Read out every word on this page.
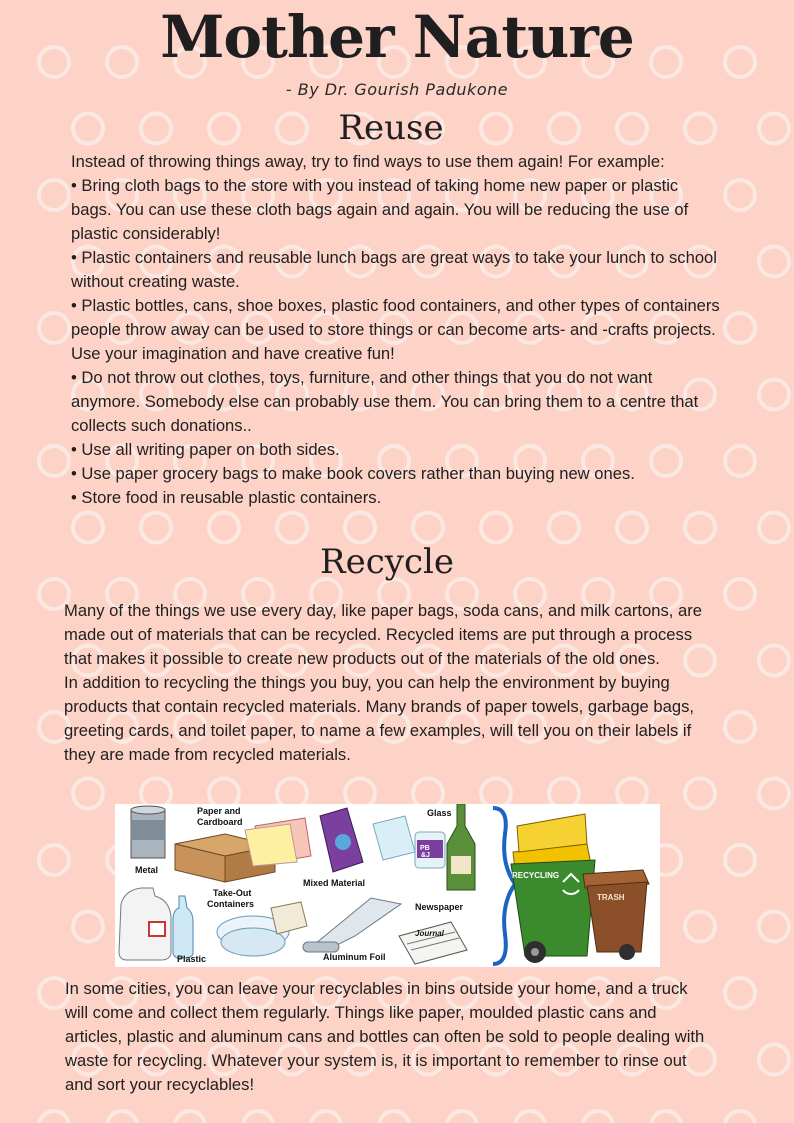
Mother Nature
- By Dr. Gourish Padukone
Reuse

Instead of throwing things away, try to find ways to use them again! For example:

• Bring cloth bags to the store with you instead of taking home new paper or plastic bags. You can use these cloth bags again and again. You will be reducing the use of plastic considerably!

• Plastic containers and reusable lunch bags are great ways to take your lunch to school without creating waste.

• Plastic bottles, cans, shoe boxes, plastic food containers, and other types of containers people throw away can be used to store things or can become arts- and -crafts projects. Use your imagination and have creative fun!

• Do not throw out clothes, toys, furniture, and other things that you do not want anymore. Somebody else can probably use them. You can bring them to a centre that collects such donations..

• Use all writing paper on both sides.

• Use paper grocery bags to make book covers rather than buying new ones.

• Store food in reusable plastic containers.

Recycle

Many of the things we use every day, like paper bags, soda cans, and milk cartons, are made out of materials that can be recycled. Recycled items are put through a process that makes it possible to create new products out of the materials of the old ones.

In addition to recycling the things you buy, you can help the environment by buying products that contain recycled materials. Many brands of paper towels, garbage bags, greeting cards, and toilet paper, to name a few examples, will tell you on their labels if they are made from recycled materials.

Metal
Paper and
Cardboard
Mixed Material
PB
&J
Glass
RECYCLING
TRASH
Plastic
Take-Out
Containers
Aluminum Foil
Journal
Newspaper

In some cities, you can leave your recyclables in bins outside your home, and a truck will come and collect them regularly. Things like paper, moulded plastic cans and articles, plastic and aluminum cans and bottles can often be sold to people dealing with waste for recycling. Whatever your system is, it is important to remember to rinse out and sort your recyclables!
